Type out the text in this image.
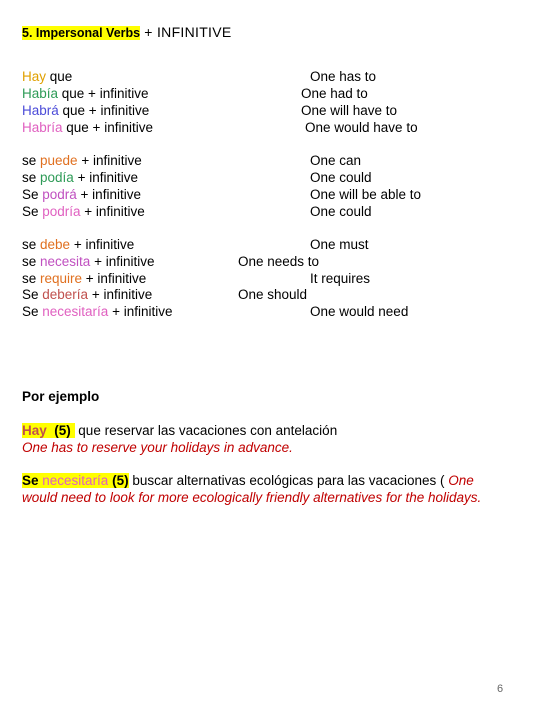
5. Impersonal Verbs + INFINITIVE
Hay que
Había que + infinitive
Habrá que + infinitive
Habría que + infinitive
One has to
One had to
One will have to
One would have to
se puede + infinitive
se podía + infinitive
Se podrá + infinitive
Se podría + infinitive
One can
One could
One will be able to
One could
se debe + infinitive
se necesita + infinitive
se require + infinitive
Se debería + infinitive
Se necesitaría + infinitive
One must
One needs to
It requires
One should
One would need
Por ejemplo
Hay (5)  que reservar las vacaciones con antelación
One has to reserve your holidays in advance.
Se necesitaría (5) buscar alternativas ecológicas para las vacaciones ( One would need to look for more ecologically friendly alternatives for the holidays.
6
